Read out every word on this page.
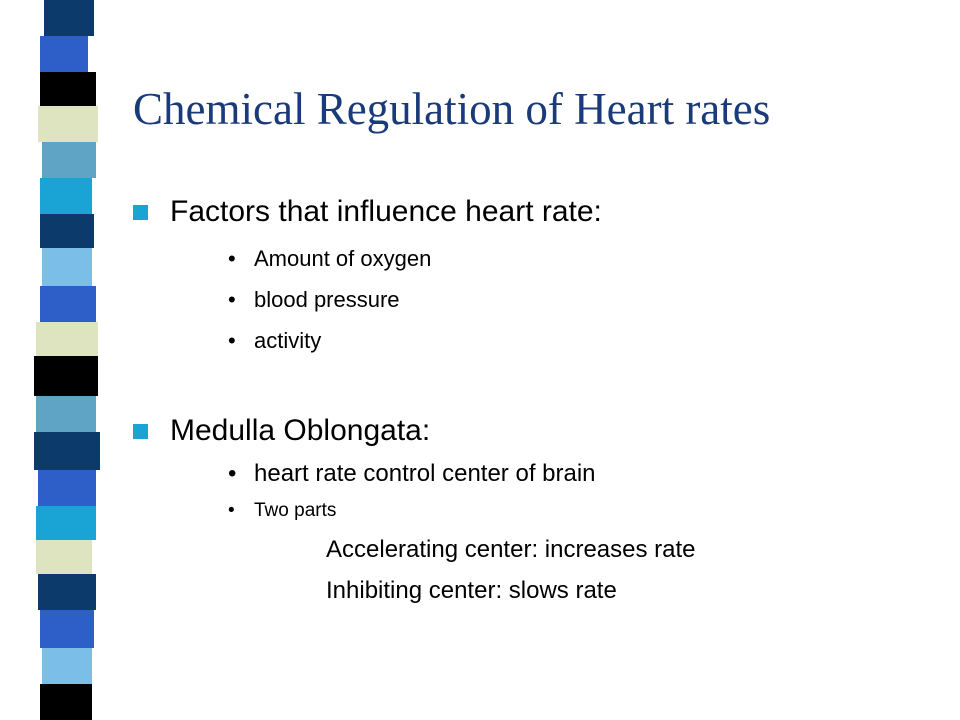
Chemical Regulation of Heart rates

Factors that influence heart rate:

• Amount of oxygen
• blood pressure
• activity

Medulla Oblongata:

• heart rate control center of brain
• Two parts

Accelerating center: increases rate

Inhibiting center: slows rate
